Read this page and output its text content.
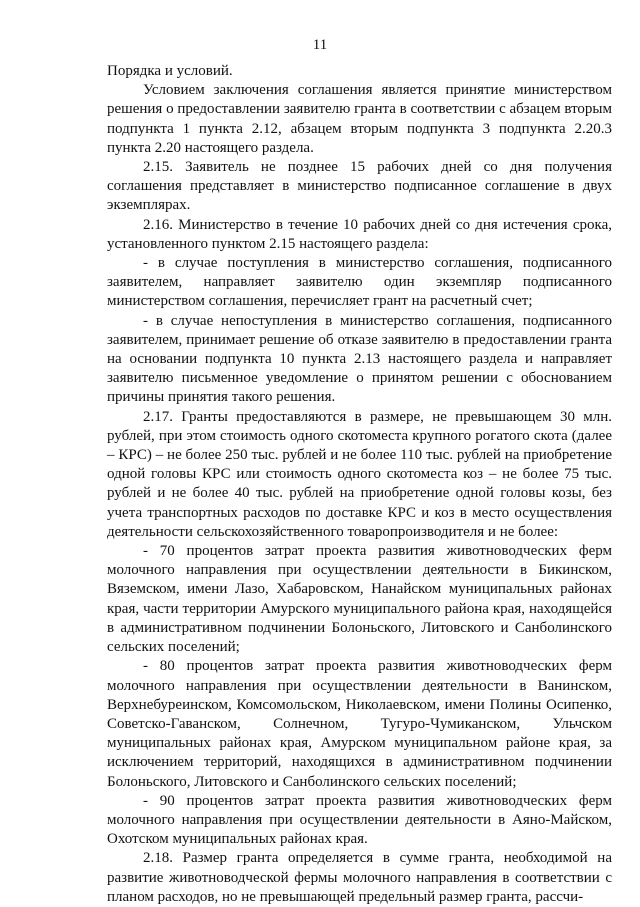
11

Порядка и условий.

Условием заключения соглашения является принятие министерством решения о предоставлении заявителю гранта в соответствии с абзацем вторым подпункта 1 пункта 2.12, абзацем вторым подпункта 3 подпункта 2.20.3 пункта 2.20 настоящего раздела.

2.15. Заявитель не позднее 15 рабочих дней со дня получения соглашения представляет в министерство подписанное соглашение в двух экземплярах.

2.16. Министерство в течение 10 рабочих дней со дня истечения срока, установленного пунктом 2.15 настоящего раздела:

- в случае поступления в министерство соглашения, подписанного заявителем, направляет заявителю один экземпляр подписанного министерством соглашения, перечисляет грант на расчетный счет;

- в случае непоступления в министерство соглашения, подписанного заявителем, принимает решение об отказе заявителю в предоставлении гранта на основании подпункта 10 пункта 2.13 настоящего раздела и направляет заявителю письменное уведомление о принятом решении с обоснованием причины принятия такого решения.

2.17. Гранты предоставляются в размере, не превышающем 30 млн. рублей, при этом стоимость одного скотоместа крупного рогатого скота (далее – КРС) – не более 250 тыс. рублей и не более 110 тыс. рублей на приобретение одной головы КРС или стоимость одного скотоместа коз – не более 75 тыс. рублей и не более 40 тыс. рублей на приобретение одной головы козы, без учета транспортных расходов по доставке КРС и коз в место осуществления деятельности сельскохозяйственного товаропроизводителя и не более:

- 70 процентов затрат проекта развития животноводческих ферм молочного направления при осуществлении деятельности в Бикинском, Вяземском, имени Лазо, Хабаровском, Нанайском муниципальных районах края, части территории Амурского муниципального района края, находящейся в административном подчинении Болоньского, Литовского и Санболинского сельских поселений;

- 80 процентов затрат проекта развития животноводческих ферм молочного направления при осуществлении деятельности в Ванинском, Верхнебуреинском, Комсомольском, Николаевском, имени Полины Осипенко, Советско-Гаванском, Солнечном, Тугуро-Чумиканском, Ульчском муниципальных районах края, Амурском муниципальном районе края, за исключением территорий, находящихся в административном подчинении Болоньского, Литовского и Санболинского сельских поселений;

- 90 процентов затрат проекта развития животноводческих ферм молочного направления при осуществлении деятельности в Аяно-Майском, Охотском муниципальных районах края.

2.18. Размер гранта определяется в сумме гранта, необходимой на развитие животноводческой фермы молочного направления в соответствии с планом расходов, но не превышающей предельный размер гранта, рассчи-
